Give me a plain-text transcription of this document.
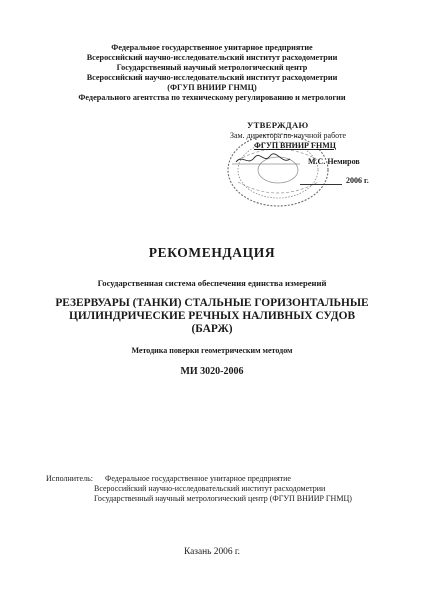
Федеральное государственное унитарное предприятие
Всероссийский научно-исследовательский институт расходометрии
Государственный научный метрологический центр
Всероссийский научно-исследовательский институт расходометрии
(ФГУП ВНИИР ГНМЦ)
Федерального агентства по техническому регулированию и метрологии
УТВЕРЖДАЮ
Зам. директора по научной работе
ФГУП ВНИИР ГНМЦ
М.С. Немиров
2006 г.
РЕКОМЕНДАЦИЯ
Государственная система обеспечения единства измерений
РЕЗЕРВУАРЫ (ТАНКИ) СТАЛЬНЫЕ ГОРИЗОНТАЛЬНЫЕ
ЦИЛИНДРИЧЕСКИЕ РЕЧНЫХ НАЛИВНЫХ СУДОВ
(БАРЖ)
Методика поверки геометрическим методом
МИ 3020-2006
Исполнитель: Федеральное государственное унитарное предприятие
Всероссийский научно-исследовательский институт расходометрии
Государственный научный метрологический центр (ФГУП ВНИИР ГНМЦ)
Казань 2006 г.
